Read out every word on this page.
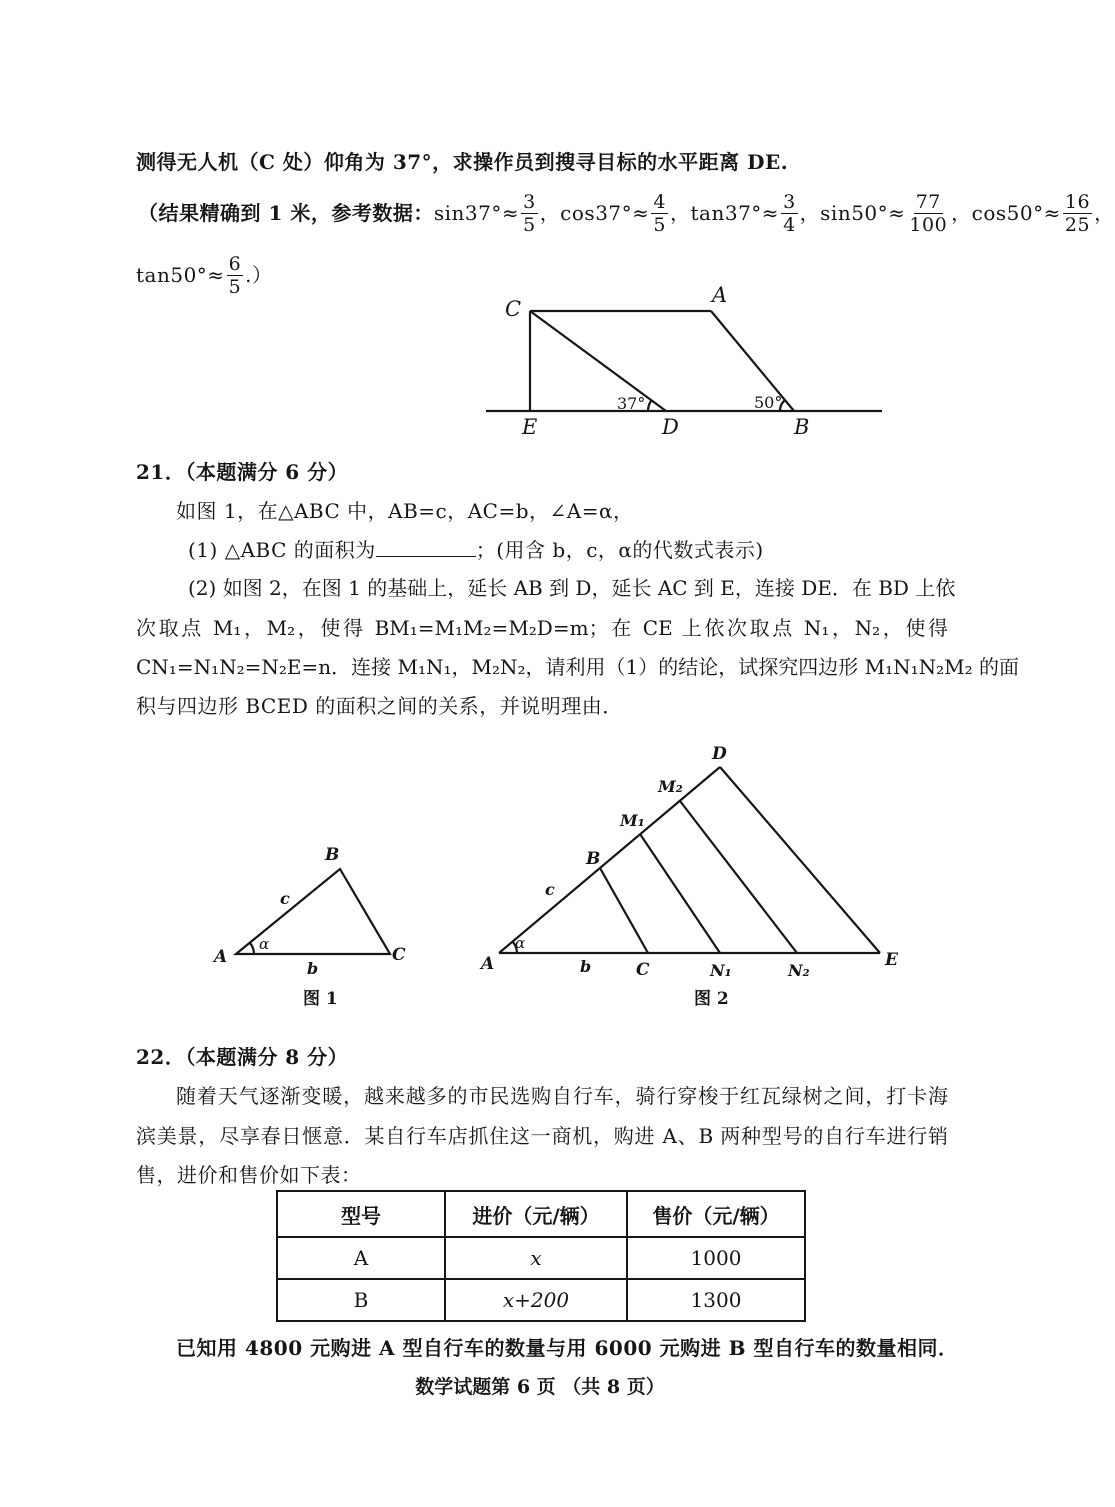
测得无人机（C 处）仰角为 37°，求操作员到搜寻目标的水平距离 DE.
（结果精确到 1 米，参考数据： $\sin 37^\circ\approx \frac{3}{5}$ ，$\cos 37^\circ\approx \frac{4}{5}$ ，$\tan 37^\circ\approx \frac{3}{4}$ ，$\sin 50^\circ\approx \frac{77}{100}$ ，$\cos 50^\circ\approx \frac{16}{25}$ ，
$\tan 50^\circ\approx \frac{6}{5}$ .）
C
A
E	D	B
37°	50°
21．（本题满分 6 分）
如图 1，在△ABC 中，AB=c，AC=b，∠A=α，
(1) △ABC 的面积为	；(用含 b，c，α的代数式表示)
(2) 如图 2，在图 1 的基础上，延长 AB 到 D，延长 AC 到 E，连接 DE．在 BD 上依
次取点 M₁，M₂，使得 BM₁=M₁M₂=M₂D=m；在 CE 上依次取点 N₁，N₂，使得
CN₁=N₁N₂=N₂E=n．连接 M₁N₁，M₂N₂，请利用（1）的结论，试探究四边形 M₁N₁N₂M₂ 的面
积与四边形 BCED 的面积之间的关系，并说明理由．
A
B
C
c
b
α
图 1
A
B
C
D
E
M₁
M₂
N₁	N₂
c
b
α
图 2
22．（本题满分 8 分）
随着天气逐渐变暖，越来越多的市民选购自行车，骑行穿梭于红瓦绿树之间，打卡海
滨美景，尽享春日惬意．某自行车店抓住这一商机，购进 A、B 两种型号的自行车进行销
售，进价和售价如下表：
型号	进价（元/辆）	售价（元/辆）
A	x	1000
B	x+200	1300
已知用 4800 元购进 A 型自行车的数量与用 6000 元购进 B 型自行车的数量相同．
数学试题第 6 页 （共 8 页）
